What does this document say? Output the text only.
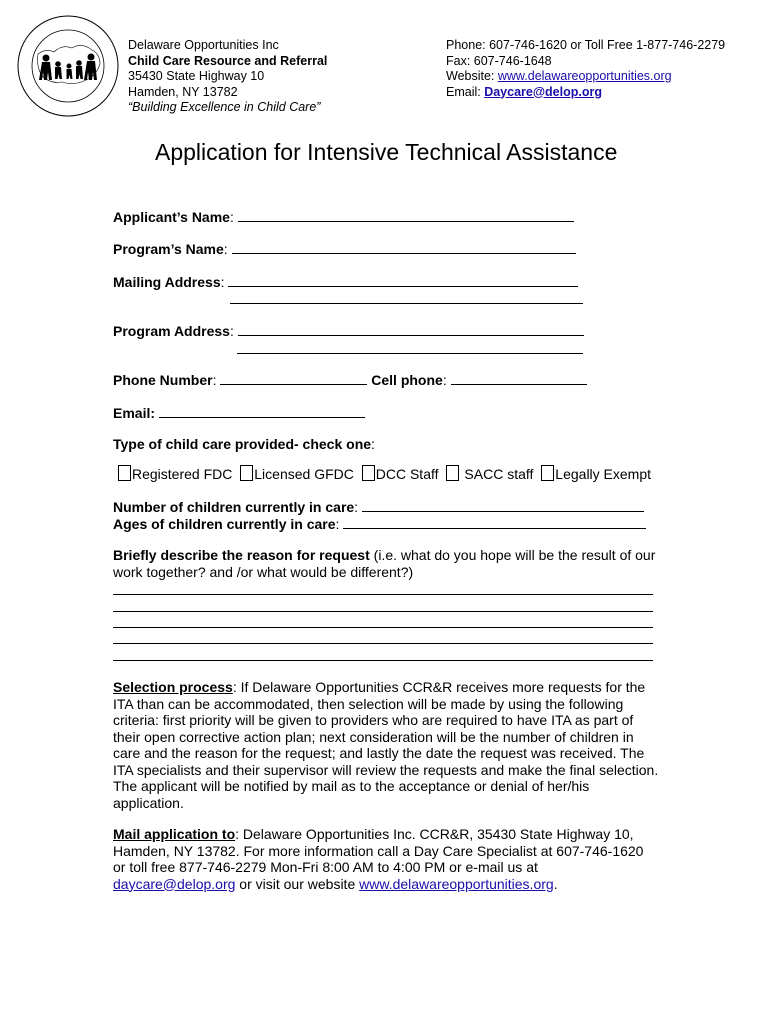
Delaware Opportunities Inc
Child Care Resource and Referral
35430 State Highway 10
Hamden, NY 13782
“Building Excellence in Child Care”
Phone: 607-746-1620 or Toll Free 1-877-746-2279
Fax: 607-746-1648
Website: www.delawareopportunities.org
Email: Daycare@delop.org
Application for Intensive Technical Assistance
Applicant’s Name:
Program’s Name:
Mailing Address:
Program Address:
Phone Number:	Cell phone:
Email:
Type of child care provided- check one:
Registered FDC Licensed GFDC DCC Staff SACC staff Legally Exempt
Number of children currently in care:
Ages of children currently in care:
Briefly describe the reason for request (i.e. what do you hope will be the result of our
work together? and /or what would be different?)
Selection process: If Delaware Opportunities CCR&R receives more requests for the ITA than can be accommodated, then selection will be made by using the following criteria: first priority will be given to providers who are required to have ITA as part of their open corrective action plan; next consideration will be the number of children in care and the reason for the request; and lastly the date the request was received. The ITA specialists and their supervisor will review the requests and make the final selection. The applicant will be notified by mail as to the acceptance or denial of her/his application.
Mail application to: Delaware Opportunities Inc. CCR&R, 35430 State Highway 10, Hamden, NY 13782. For more information call a Day Care Specialist at 607-746-1620 or toll free 877-746-2279 Mon-Fri 8:00 AM to 4:00 PM or e-mail us at daycare@delop.org or visit our website www.delawareopportunities.org.
